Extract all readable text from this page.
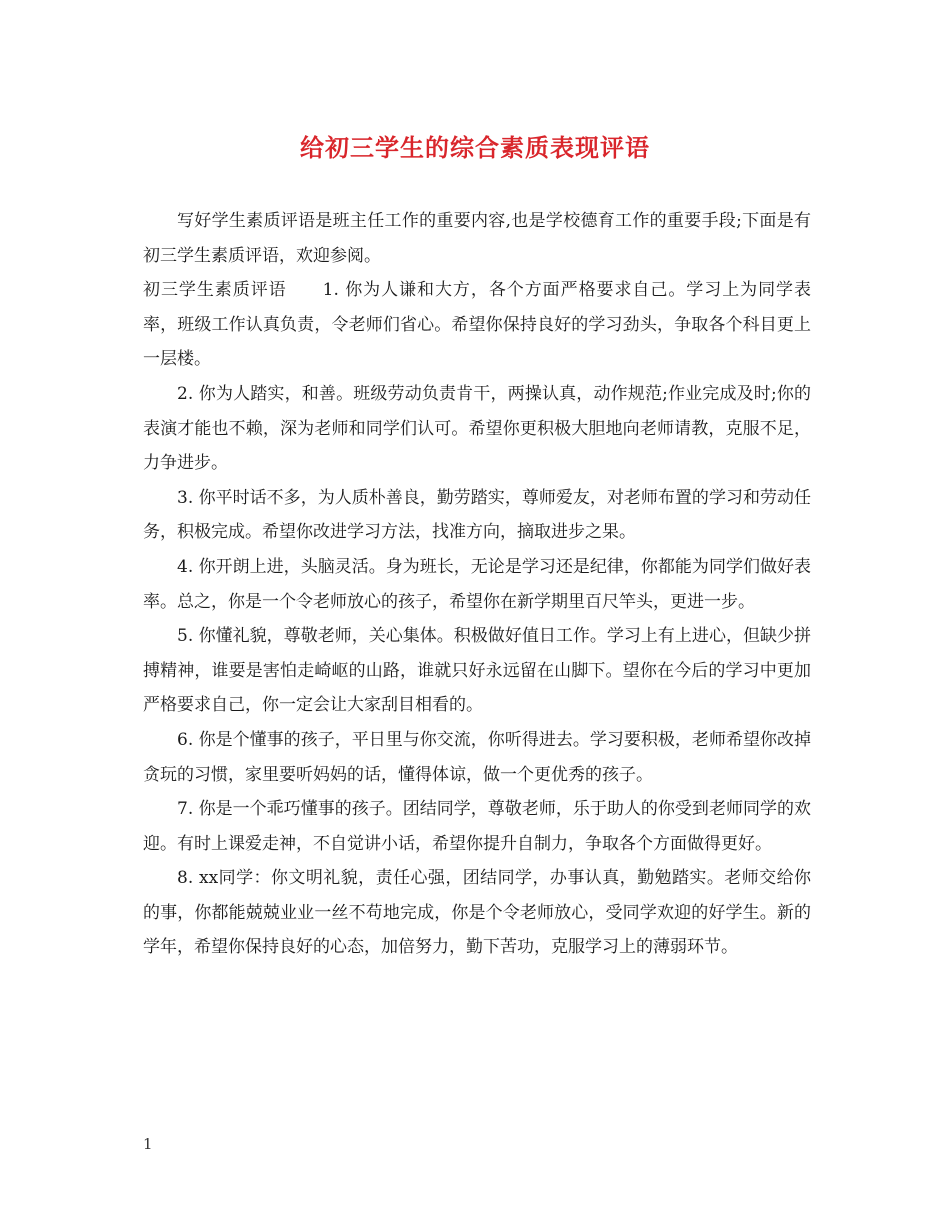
给初三学生的综合素质表现评语

写好学生素质评语是班主任工作的重要内容,也是学校德育工作的重要手段;下面是有初三学生素质评语，欢迎参阅。

初三学生素质评语 1. 你为人谦和大方，各个方面严格要求自己。学习上为同学表率，班级工作认真负责，令老师们省心。希望你保持良好的学习劲头，争取各个科目更上一层楼。

2. 你为人踏实，和善。班级劳动负责肯干，两操认真，动作规范;作业完成及时;你的表演才能也不赖，深为老师和同学们认可。希望你更积极大胆地向老师请教，克服不足，力争进步。

3. 你平时话不多，为人质朴善良，勤劳踏实，尊师爱友，对老师布置的学习和劳动任务，积极完成。希望你改进学习方法，找准方向，摘取进步之果。

4. 你开朗上进，头脑灵活。身为班长，无论是学习还是纪律，你都能为同学们做好表率。总之，你是一个令老师放心的孩子，希望你在新学期里百尺竿头，更进一步。

5. 你懂礼貌，尊敬老师，关心集体。积极做好值日工作。学习上有上进心，但缺少拼搏精神，谁要是害怕走崎岖的山路，谁就只好永远留在山脚下。望你在今后的学习中更加严格要求自己，你一定会让大家刮目相看的。

6. 你是个懂事的孩子，平日里与你交流，你听得进去。学习要积极，老师希望你改掉贪玩的习惯，家里要听妈妈的话，懂得体谅，做一个更优秀的孩子。

7. 你是一个乖巧懂事的孩子。团结同学，尊敬老师，乐于助人的你受到老师同学的欢迎。有时上课爱走神，不自觉讲小话，希望你提升自制力，争取各个方面做得更好。

8. xx同学：你文明礼貌，责任心强，团结同学，办事认真，勤勉踏实。老师交给你的事，你都能兢兢业业一丝不苟地完成，你是个令老师放心，受同学欢迎的好学生。新的学年，希望你保持良好的心态，加倍努力，勤下苦功，克服学习上的薄弱环节。

1
